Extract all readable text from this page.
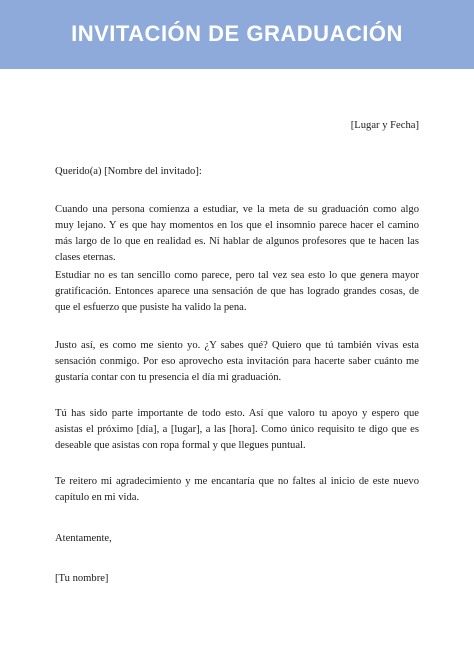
INVITACIÓN DE GRADUACIÓN
[Lugar y Fecha]
Querido(a) [Nombre del invitado]:

Cuando una persona comienza a estudiar, ve la meta de su graduación como algo muy lejano. Y es que hay momentos en los que el insomnio parece hacer el camino más largo de lo que en realidad es. Ni hablar de algunos profesores que te hacen las clases eternas.

Estudiar no es tan sencillo como parece, pero tal vez sea esto lo que genera mayor gratificación. Entonces aparece una sensación de que has logrado grandes cosas, de que el esfuerzo que pusiste ha valido la pena.

Justo así, es como me siento yo. ¿Y sabes qué? Quiero que tú también vivas esta sensación conmigo. Por eso aprovecho esta invitación para hacerte saber cuánto me gustaría contar con tu presencia el día mi graduación.

Tú has sido parte importante de todo esto. Así que valoro tu apoyo y espero que asistas el próximo [día], a [lugar], a las [hora]. Como único requisito te digo que es deseable que asistas con ropa formal y que llegues puntual.

Te reitero mi agradecimiento y me encantaría que no faltes al inicio de este nuevo capítulo en mi vida.

Atentamente,
[Tu nombre]
